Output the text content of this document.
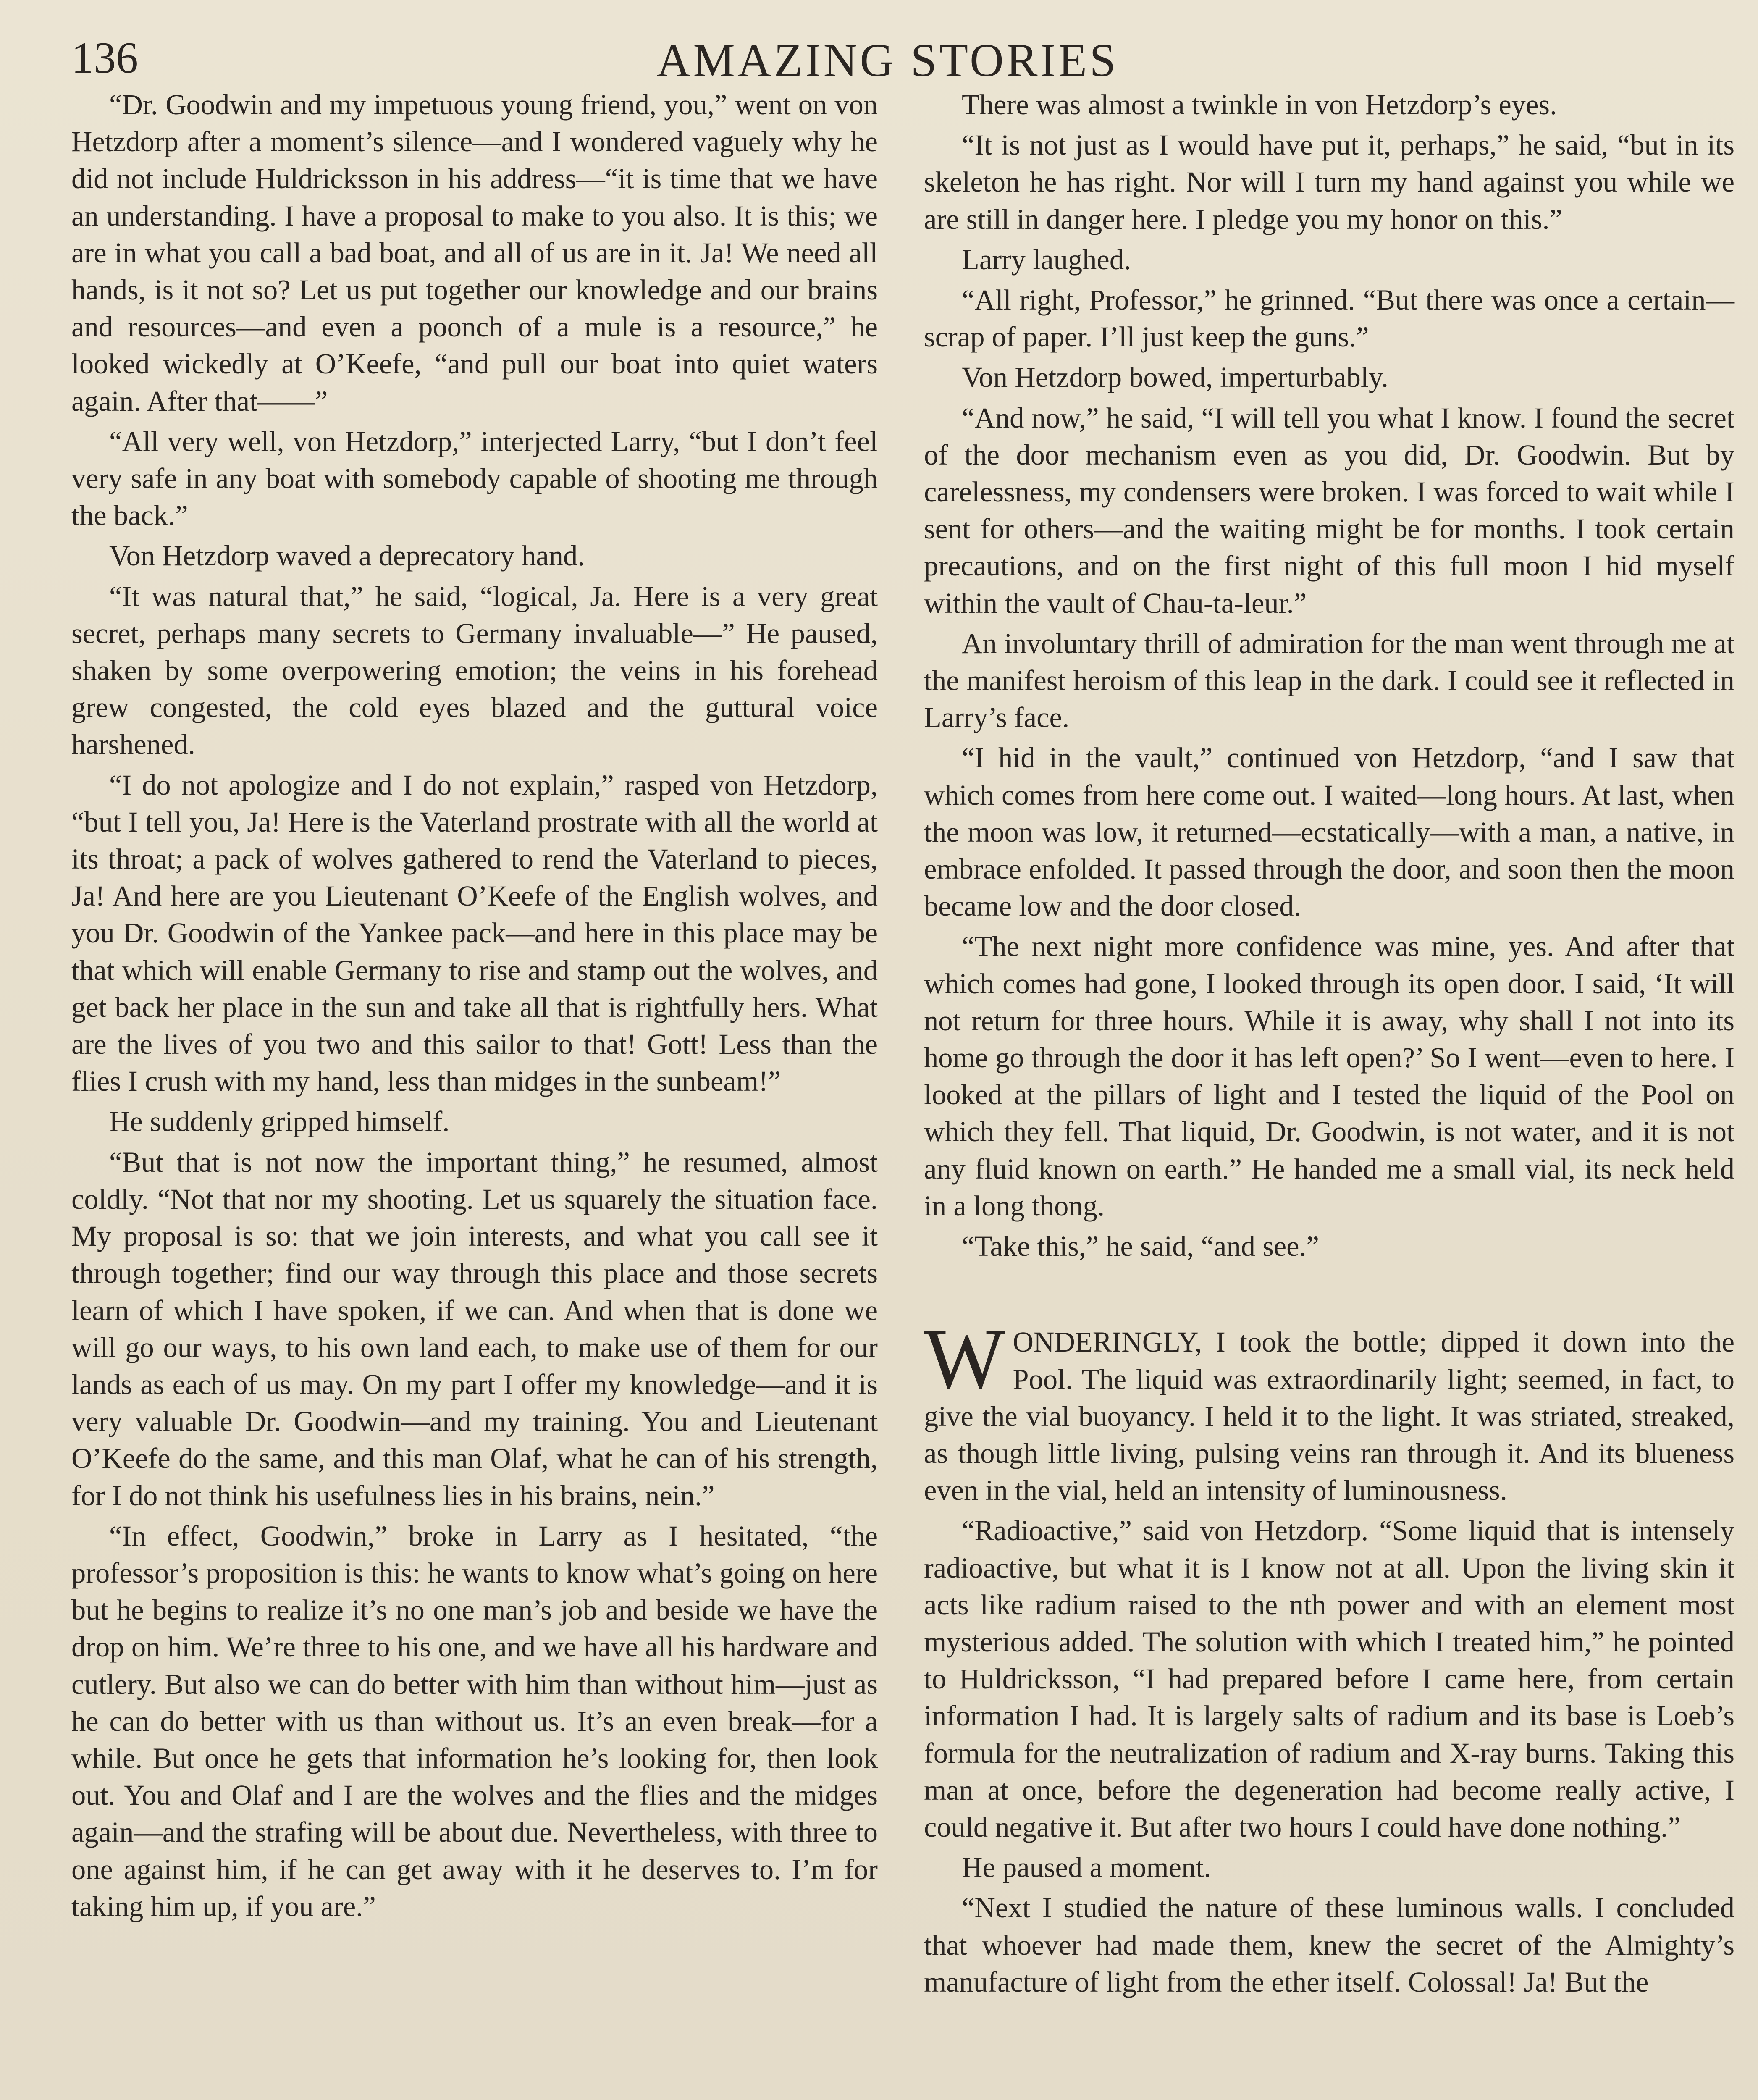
136	AMAZING STORIES

“Dr. Goodwin and my impetuous young friend, you,” went on von Hetzdorp after a moment’s silence—and I wondered vaguely why he did not include Huldricksson in his address—“it is time that we have an understanding. I have a proposal to make to you also. It is this; we are in what you call a bad boat, and all of us are in it. Ja! We need all hands, is it not so? Let us put together our knowledge and our brains and resources—and even a poonch of a mule is a resource,” he looked wickedly at O’Keefe, “and pull our boat into quiet waters again. After that——”

“All very well, von Hetzdorp,” interjected Larry, “but I don’t feel very safe in any boat with somebody capable of shooting me through the back.”

Von Hetzdorp waved a deprecatory hand.

“It was natural that,” he said, “logical, Ja. Here is a very great secret, perhaps many secrets to Germany invaluable—” He paused, shaken by some overpowering emotion; the veins in his forehead grew congested, the cold eyes blazed and the guttural voice harshened.

“I do not apologize and I do not explain,” rasped von Hetzdorp, “but I tell you, Ja! Here is the Vaterland prostrate with all the world at its throat; a pack of wolves gathered to rend the Vaterland to pieces, Ja! And here are you Lieutenant O’Keefe of the English wolves, and you Dr. Goodwin of the Yankee pack—and here in this place may be that which will enable Germany to rise and stamp out the wolves, and get back her place in the sun and take all that is rightfully hers. What are the lives of you two and this sailor to that! Gott! Less than the flies I crush with my hand, less than midges in the sunbeam!”

He suddenly gripped himself.

“But that is not now the important thing,” he resumed, almost coldly. “Not that nor my shooting. Let us squarely the situation face. My proposal is so: that we join interests, and what you call see it through together; find our way through this place and those secrets learn of which I have spoken, if we can. And when that is done we will go our ways, to his own land each, to make use of them for our lands as each of us may. On my part I offer my knowledge—and it is very valuable Dr. Goodwin—and my training. You and Lieutenant O’Keefe do the same, and this man Olaf, what he can of his strength, for I do not think his usefulness lies in his brains, nein.”

“In effect, Goodwin,” broke in Larry as I hesitated, “the professor’s proposition is this: he wants to know what’s going on here but he begins to realize it’s no one man’s job and beside we have the drop on him. We’re three to his one, and we have all his hardware and cutlery. But also we can do better with him than without him—just as he can do better with us than without us. It’s an even break—for a while. But once he gets that information he’s looking for, then look out. You and Olaf and I are the wolves and the flies and the midges again—and the strafing will be about due. Nevertheless, with three to one against him, if he can get away with it he deserves to. I’m for taking him up, if you are.”

There was almost a twinkle in von Hetzdorp’s eyes.

“It is not just as I would have put it, perhaps,” he said, “but in its skeleton he has right. Nor will I turn my hand against you while we are still in danger here. I pledge you my honor on this.”

Larry laughed.

“All right, Professor,” he grinned. “But there was once a certain—scrap of paper. I’ll just keep the guns.”

Von Hetzdorp bowed, imperturbably.

“And now,” he said, “I will tell you what I know. I found the secret of the door mechanism even as you did, Dr. Goodwin. But by carelessness, my condensers were broken. I was forced to wait while I sent for others—and the waiting might be for months. I took certain precautions, and on the first night of this full moon I hid myself within the vault of Chau-ta-leur.”

An involuntary thrill of admiration for the man went through me at the manifest heroism of this leap in the dark. I could see it reflected in Larry’s face.

“I hid in the vault,” continued von Hetzdorp, “and I saw that which comes from here come out. I waited—long hours. At last, when the moon was low, it returned—ecstatically—with a man, a native, in embrace enfolded. It passed through the door, and soon then the moon became low and the door closed.

“The next night more confidence was mine, yes. And after that which comes had gone, I looked through its open door. I said, ‘It will not return for three hours. While it is away, why shall I not into its home go through the door it has left open?’ So I went—even to here. I looked at the pillars of light and I tested the liquid of the Pool on which they fell. That liquid, Dr. Goodwin, is not water, and it is not any fluid known on earth.” He handed me a small vial, its neck held in a long thong.

“Take this,” he said, “and see.”

WONDERINGLY, I took the bottle; dipped it down into the Pool. The liquid was extraordinarily light; seemed, in fact, to give the vial buoyancy. I held it to the light. It was striated, streaked, as though little living, pulsing veins ran through it. And its blueness even in the vial, held an intensity of luminousness.

“Radioactive,” said von Hetzdorp. “Some liquid that is intensely radioactive, but what it is I know not at all. Upon the living skin it acts like radium raised to the nth power and with an element most mysterious added. The solution with which I treated him,” he pointed to Huldricksson, “I had prepared before I came here, from certain information I had. It is largely salts of radium and its base is Loeb’s formula for the neutralization of radium and X-ray burns. Taking this man at once, before the degeneration had become really active, I could negative it. But after two hours I could have done nothing.”

He paused a moment.

“Next I studied the nature of these luminous walls. I concluded that whoever had made them, knew the secret of the Almighty’s manufacture of light from the ether itself. Colossal! Ja! But the
